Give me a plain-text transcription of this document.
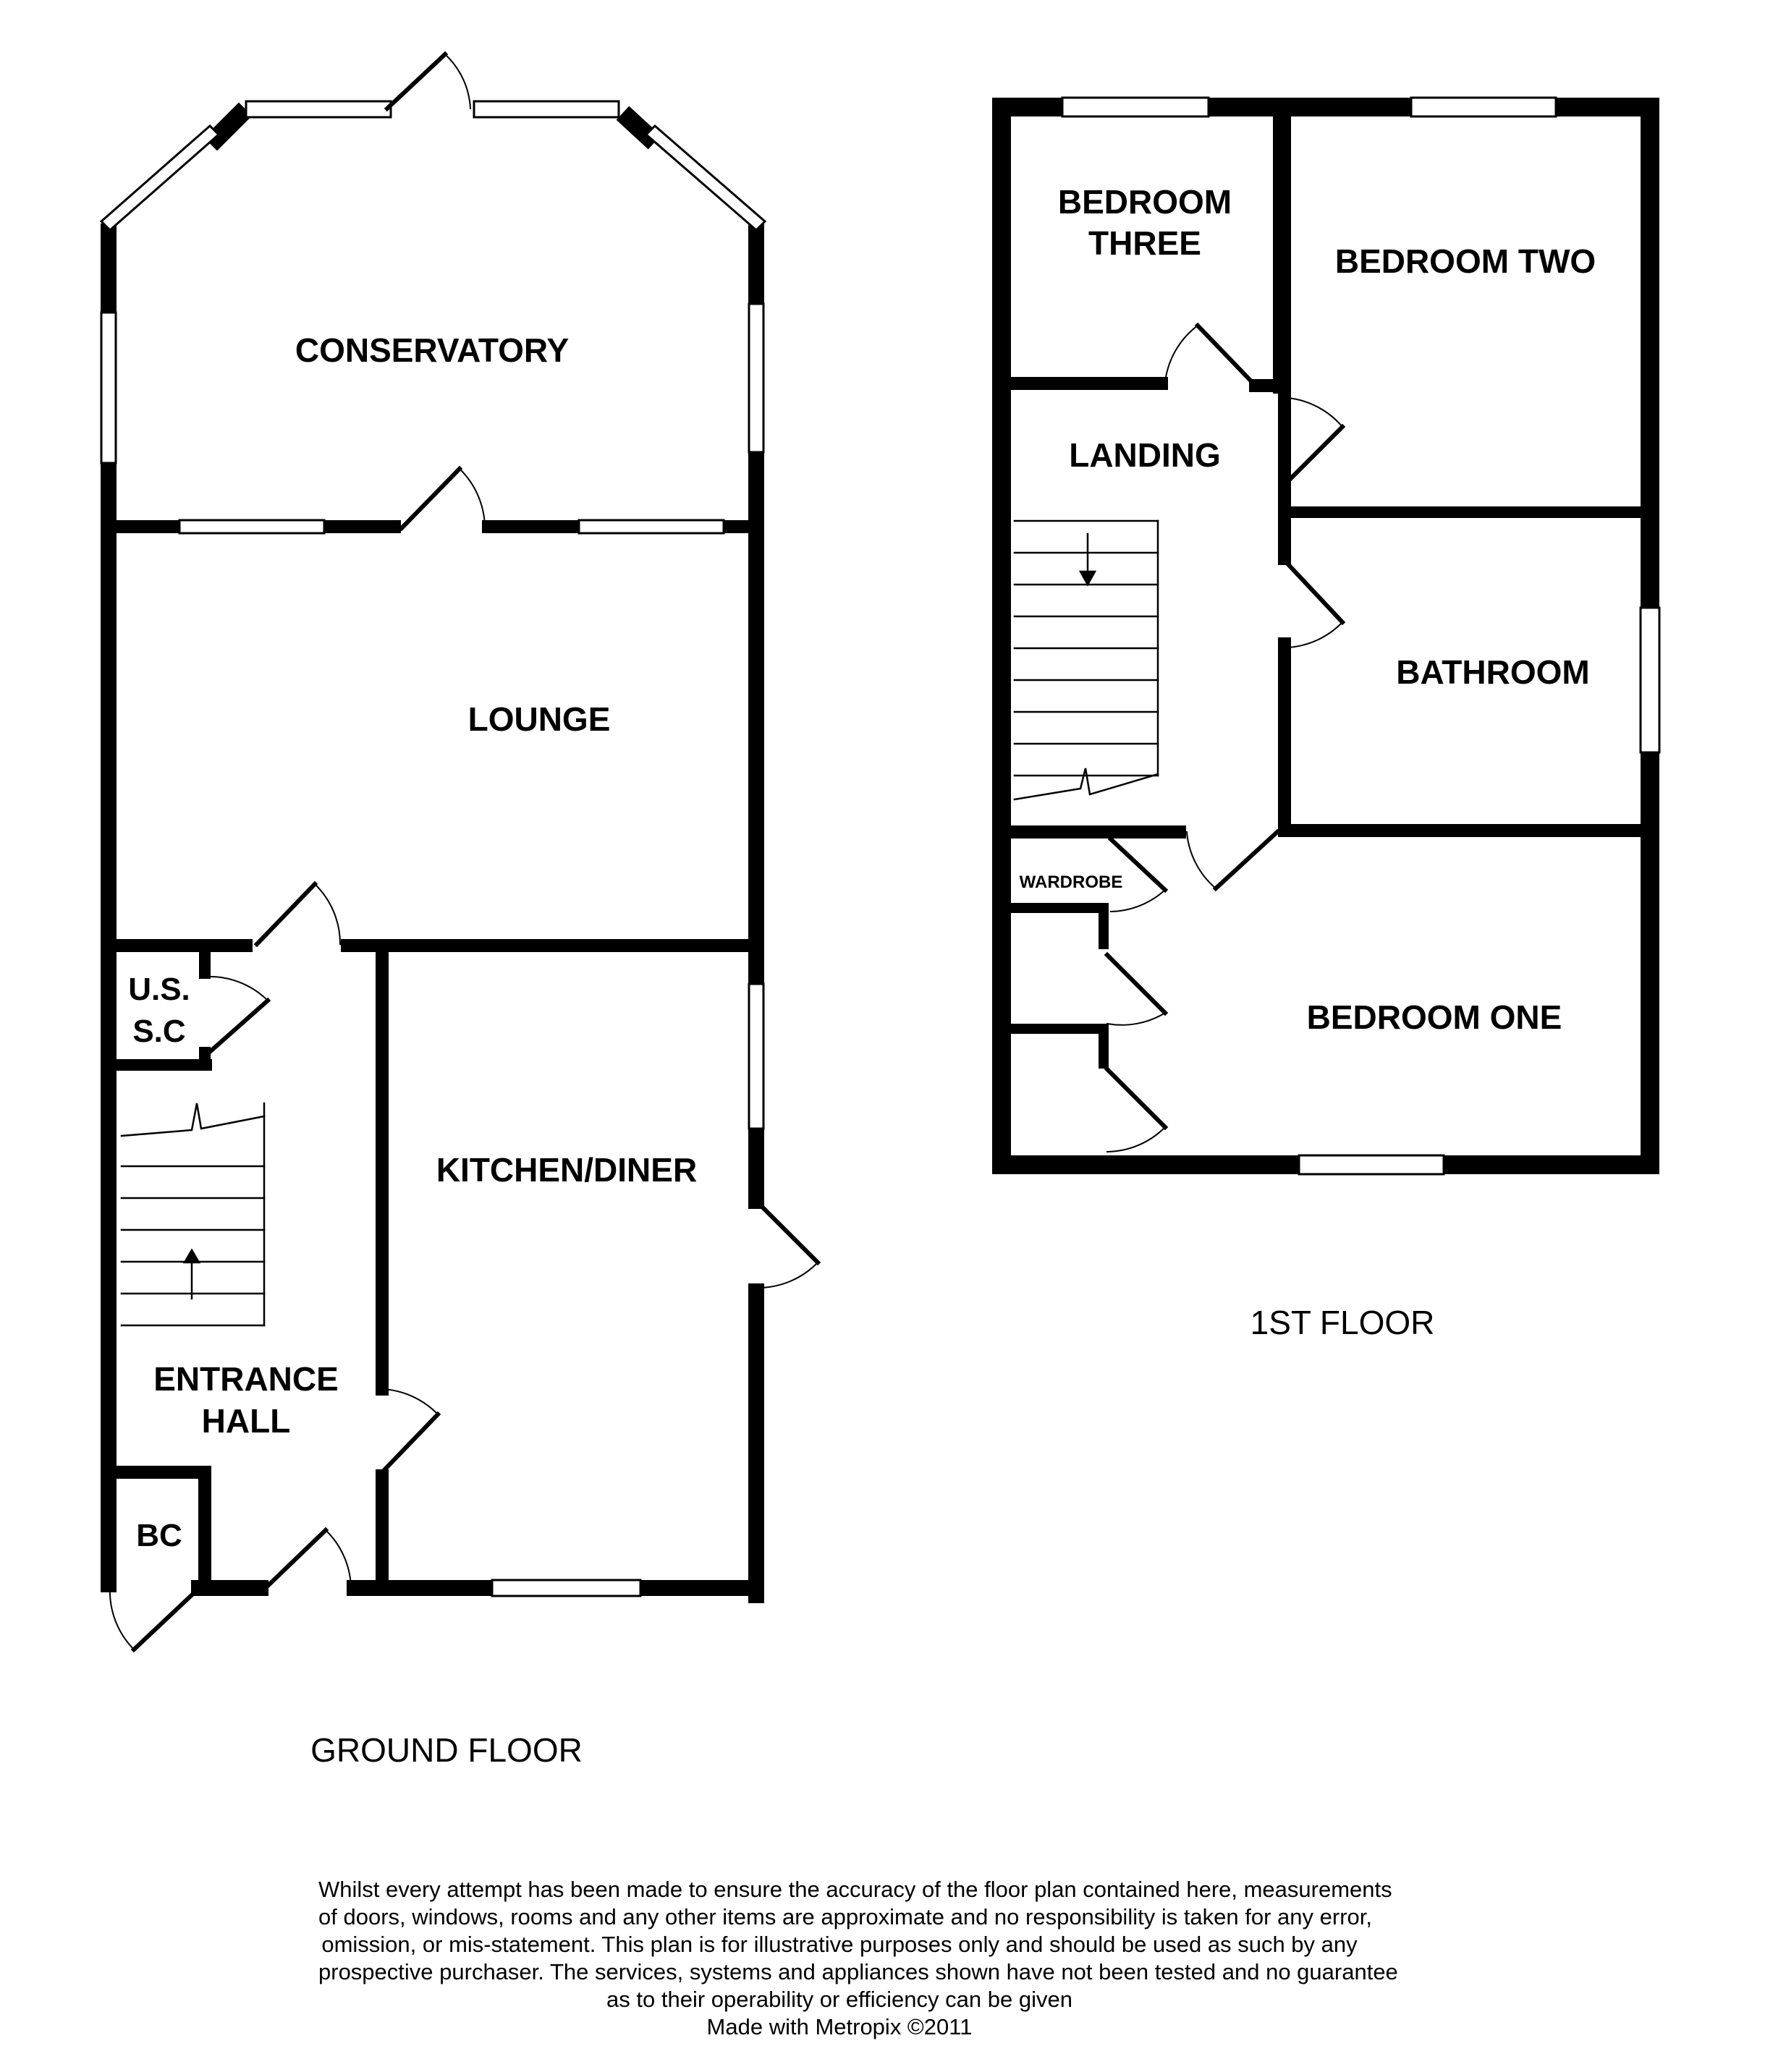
CONSERVATORY
LOUNGE
U.S.
S.C
KITCHEN/DINER
ENTRANCE
HALL
BC
GROUND FLOOR
BEDROOM
THREE	BEDROOM TWO
LANDING
BATHROOM
WARDROBE
BEDROOM ONE
1ST FLOOR
Whilst every attempt has been made to ensure the accuracy of the floor plan contained here, measurements
of doors, windows, rooms and any other items are approximate and no responsibility is taken for any error,
omission, or mis-statement. This plan is for illustrative purposes only and should be used as such by any
prospective purchaser. The services, systems and appliances shown have not been tested and no guarantee
as to their operability or efficiency can be given
Made with Metropix ©2011
